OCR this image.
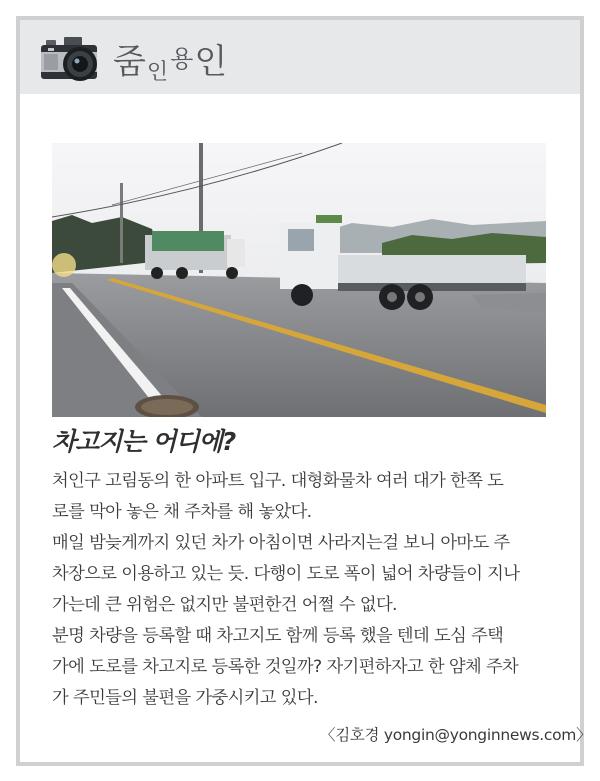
줌인용인
차고지는 어디에?
처인구 고림동의 한 아파트 입구. 대형화물차 여러 대가 한쪽 도
로를 막아 놓은 채 주차를 해 놓았다.
매일 밤늦게까지 있던 차가 아침이면 사라지는걸 보니 아마도 주
차장으로 이용하고 있는 듯. 다행이 도로 폭이 넓어 차량들이 지나
가는데 큰 위험은 없지만 불편한건 어쩔 수 없다.
분명 차량을 등록할 때 차고지도 함께 등록 했을 텐데 도심 주택
가에 도로를 차고지로 등록한 것일까? 자기편하자고 한 얌체 주차
가 주민들의 불편을 가중시키고 있다.
〈김호경 yongin@yonginnews.com〉
